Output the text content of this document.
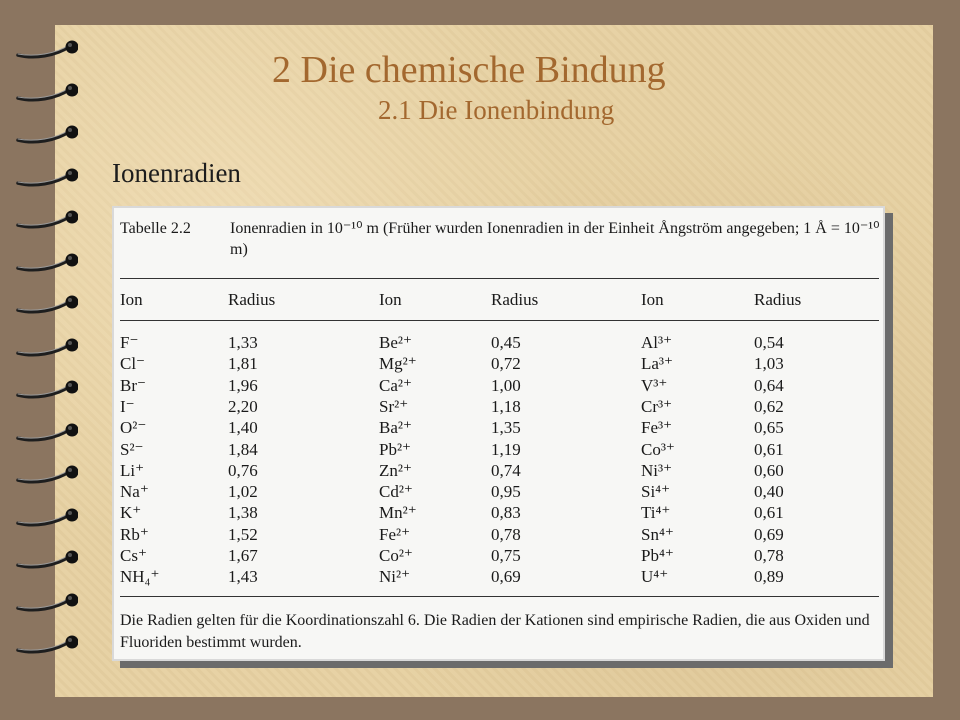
2 Die chemische Bindung
2.1 Die Ionenbindung
Ionenradien
Tabelle 2.2 Ionenradien in 10⁻¹⁰ m (Früher wurden Ionenradien in der Einheit Ångström angegeben; 1 Å = 10⁻¹⁰ m)
Ion	Radius	Ion	Radius	Ion	Radius
F⁻	1,33	Be²⁺	0,45	Al³⁺	0,54
Cl⁻	1,81	Mg²⁺	0,72	La³⁺	1,03
Br⁻	1,96	Ca²⁺	1,00	V³⁺	0,64
I⁻	2,20	Sr²⁺	1,18	Cr³⁺	0,62
O²⁻	1,40	Ba²⁺	1,35	Fe³⁺	0,65
S²⁻	1,84	Pb²⁺	1,19	Co³⁺	0,61
Li⁺	0,76	Zn²⁺	0,74	Ni³⁺	0,60
Na⁺	1,02	Cd²⁺	0,95	Si⁴⁺	0,40
K⁺	1,38	Mn²⁺	0,83	Ti⁴⁺	0,61
Rb⁺	1,52	Fe²⁺	0,78	Sn⁴⁺	0,69
Cs⁺	1,67	Co²⁺	0,75	Pb⁴⁺	0,78
NH₄⁺	1,43	Ni²⁺	0,69	U⁴⁺	0,89
Die Radien gelten für die Koordinationszahl 6. Die Radien der Kationen sind empirische Radien, die aus Oxiden und Fluoriden bestimmt wurden.
